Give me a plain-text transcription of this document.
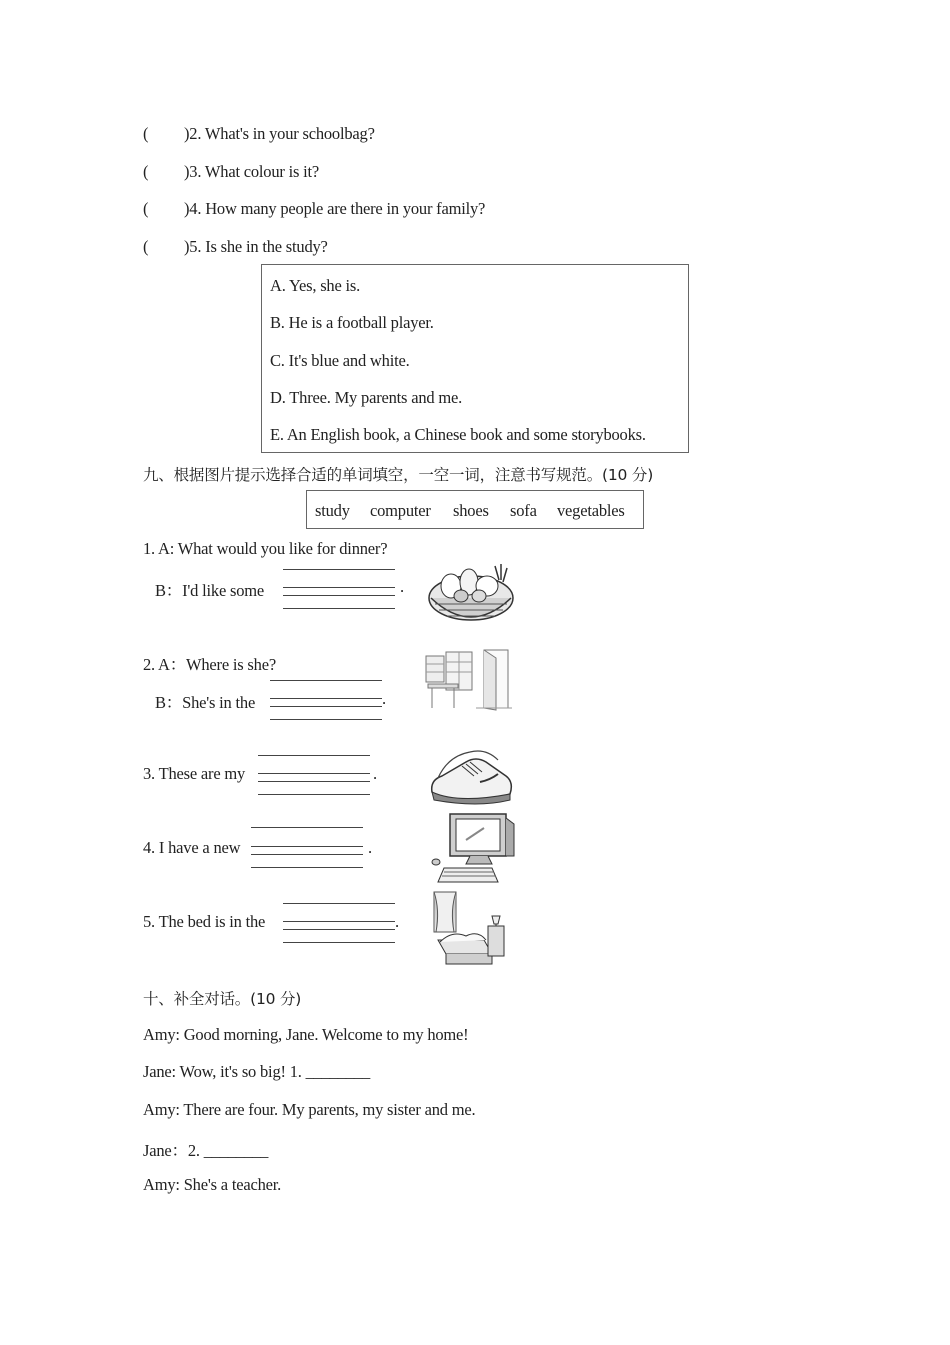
( )2. What's in your schoolbag?
( )3. What colour is it?
( )4. How many people are there in your family?
( )5. Is she in the study?
A. Yes, she is.
B. He is a football player.
C. It's blue and white.
D. Three. My parents and me.
E. An English book, a Chinese book and some storybooks.
九、根据图片提示选择合适的单词填空，一空一词，注意书写规范。(10 分)
study computer shoes sofa vegetables
1. A: What would you like for dinner?
B：I'd like some	.
2. A：Where is she?
B：She's in the	.
3. These are my	.
4. I have a new	.
5. The bed is in the	.
十、补全对话。(10 分)
Amy: Good morning, Jane. Welcome to my home!
Jane: Wow, it's so big! 1. ________
Amy: There are four. My parents, my sister and me.
Jane：2. ________
Amy: She's a teacher.
